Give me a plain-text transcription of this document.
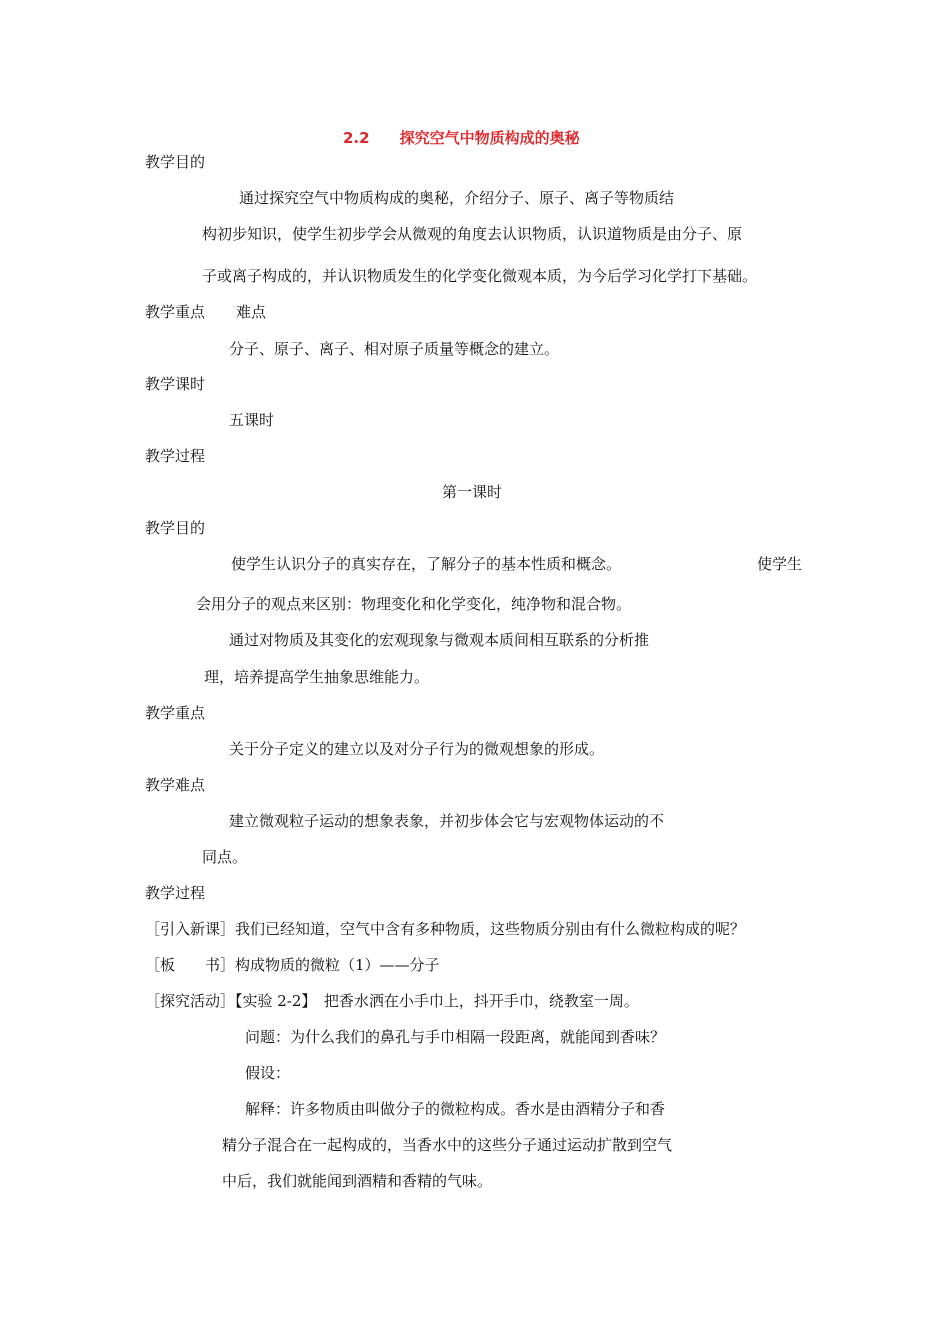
2.2 探究空气中物质构成的奥秘
教学目的
通过探究空气中物质构成的奥秘，介绍分子、原子、离子等物质结
构初步知识，使学生初步学会从微观的角度去认识物质，认识道物质是由分子、原
子或离子构成的，并认识物质发生的化学变化微观本质，为今后学习化学打下基础。
教学重点 难点
分子、原子、离子、相对原子质量等概念的建立。
教学课时
五课时
教学过程
第一课时
教学目的
使学生认识分子的真实存在，了解分子的基本性质和概念。	使学生
会用分子的观点来区别：物理变化和化学变化，纯净物和混合物。
通过对物质及其变化的宏观现象与微观本质间相互联系的分析推
理，培养提高学生抽象思维能力。
教学重点
关于分子定义的建立以及对分子行为的微观想象的形成。
教学难点
建立微观粒子运动的想象表象，并初步体会它与宏观物体运动的不
同点。
教学过程
［引入新课］我们已经知道，空气中含有多种物质，这些物质分别由有什么微粒构成的呢？
［板　　书］构成物质的微粒（1）——分子
［探究活动］【实验 2-2】　把香水洒在小手巾上，抖开手巾，绕教室一周。
问题：为什么我们的鼻孔与手巾相隔一段距离，就能闻到香味？
假设：
解释：许多物质由叫做分子的微粒构成。香水是由酒精分子和香
精分子混合在一起构成的，当香水中的这些分子通过运动扩散到空气
中后，我们就能闻到酒精和香精的气味。
